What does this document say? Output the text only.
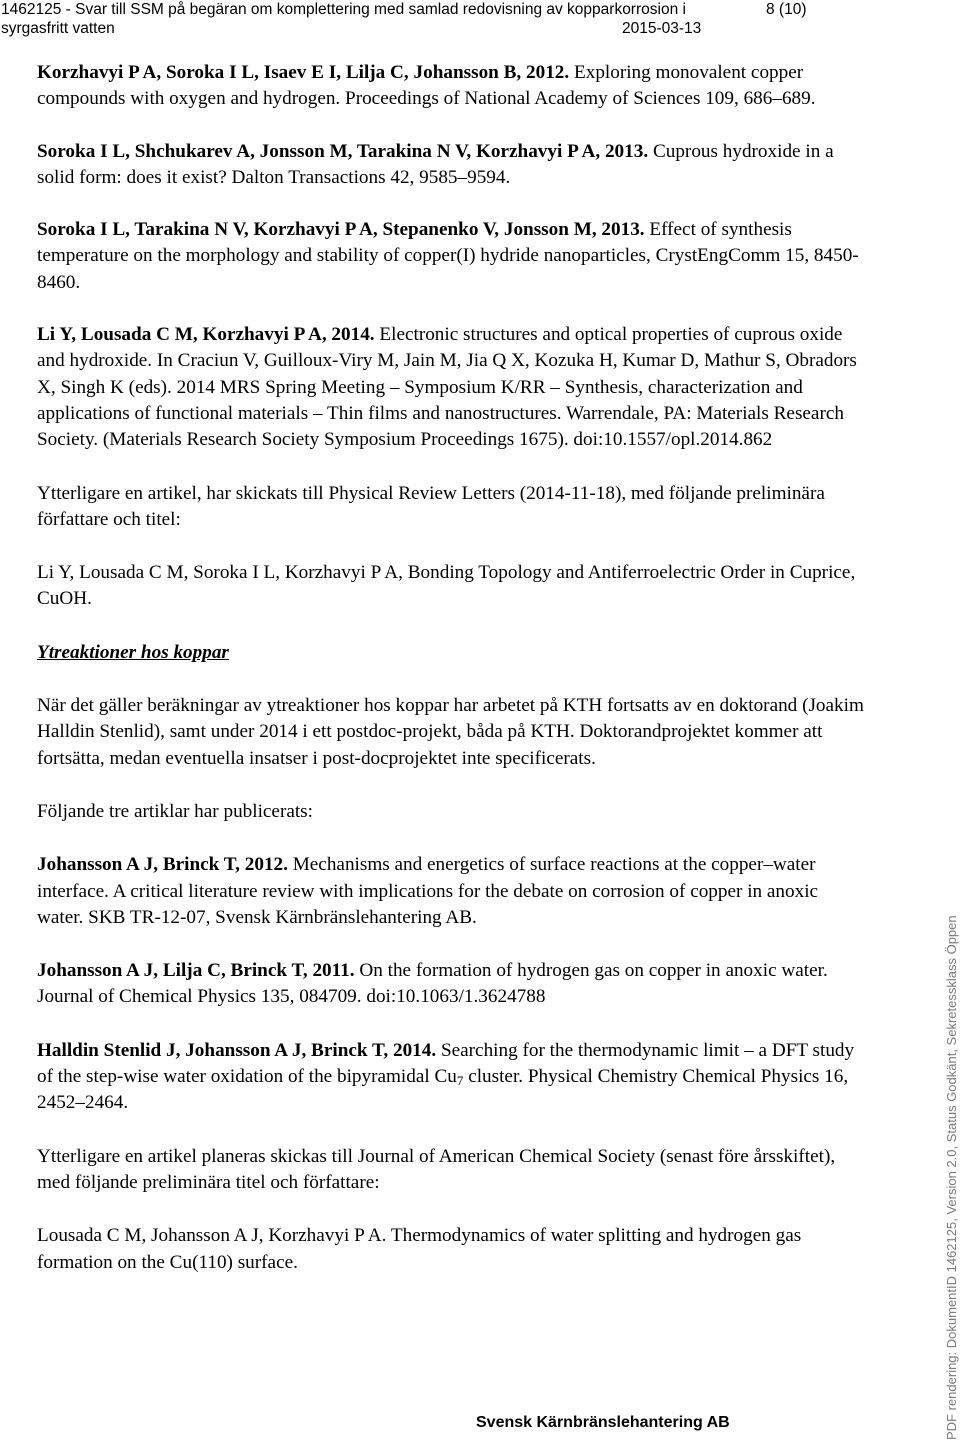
1462125 - Svar till SSM på begäran om komplettering med samlad redovisning av kopparkorrosion i	8 (10)
syrgasfritt vatten	2015-03-13

Korzhavyi P A, Soroka I L, Isaev E I, Lilja C, Johansson B, 2012. Exploring monovalent copper compounds with oxygen and hydrogen. Proceedings of National Academy of Sciences 109, 686–689.

Soroka I L, Shchukarev A, Jonsson M, Tarakina N V, Korzhavyi P A, 2013. Cuprous hydroxide in a solid form: does it exist? Dalton Transactions 42, 9585–9594.

Soroka I L, Tarakina N V, Korzhavyi P A, Stepanenko V, Jonsson M, 2013. Effect of synthesis temperature on the morphology and stability of copper(I) hydride nanoparticles, CrystEngComm 15, 8450-8460.

Li Y, Lousada C M, Korzhavyi P A, 2014. Electronic structures and optical properties of cuprous oxide and hydroxide. In Craciun V, Guilloux-Viry M, Jain M, Jia Q X, Kozuka H, Kumar D, Mathur S, Obradors X, Singh K (eds). 2014 MRS Spring Meeting – Symposium K/RR – Synthesis, characterization and applications of functional materials – Thin films and nanostructures. Warrendale, PA: Materials Research Society. (Materials Research Society Symposium Proceedings 1675). doi:10.1557/opl.2014.862

Ytterligare en artikel, har skickats till Physical Review Letters (2014-11-18), med följande preliminära författare och titel:

Li Y, Lousada C M, Soroka I L, Korzhavyi P A, Bonding Topology and Antiferroelectric Order in Cuprice, CuOH.

Ytreaktioner hos koppar

När det gäller beräkningar av ytreaktioner hos koppar har arbetet på KTH fortsatts av en doktorand (Joakim Halldin Stenlid), samt under 2014 i ett postdoc-projekt, båda på KTH. Doktorandprojektet kommer att fortsätta, medan eventuella insatser i post-docprojektet inte specificerats.

Följande tre artiklar har publicerats:

Johansson A J, Brinck T, 2012. Mechanisms and energetics of surface reactions at the copper–water interface. A critical literature review with implications for the debate on corrosion of copper in anoxic water. SKB TR-12-07, Svensk Kärnbränslehantering AB.

Johansson A J, Lilja C, Brinck T, 2011. On the formation of hydrogen gas on copper in anoxic water. Journal of Chemical Physics 135, 084709. doi:10.1063/1.3624788

Halldin Stenlid J, Johansson A J, Brinck T, 2014. Searching for the thermodynamic limit – a DFT study of the step-wise water oxidation of the bipyramidal $Cu_7$ cluster. Physical Chemistry Chemical Physics 16, 2452–2464.

Ytterligare en artikel planeras skickas till Journal of American Chemical Society (senast före årsskiftet), med följande preliminära titel och författare:

Lousada C M, Johansson A J, Korzhavyi P A. Thermodynamics of water splitting and hydrogen gas formation on the Cu(110) surface.

Svensk Kärnbränslehantering AB	PDF rendering: DokumentID 1462125, Version 2.0, Status Godkänt, Sekretessklass Öppen
